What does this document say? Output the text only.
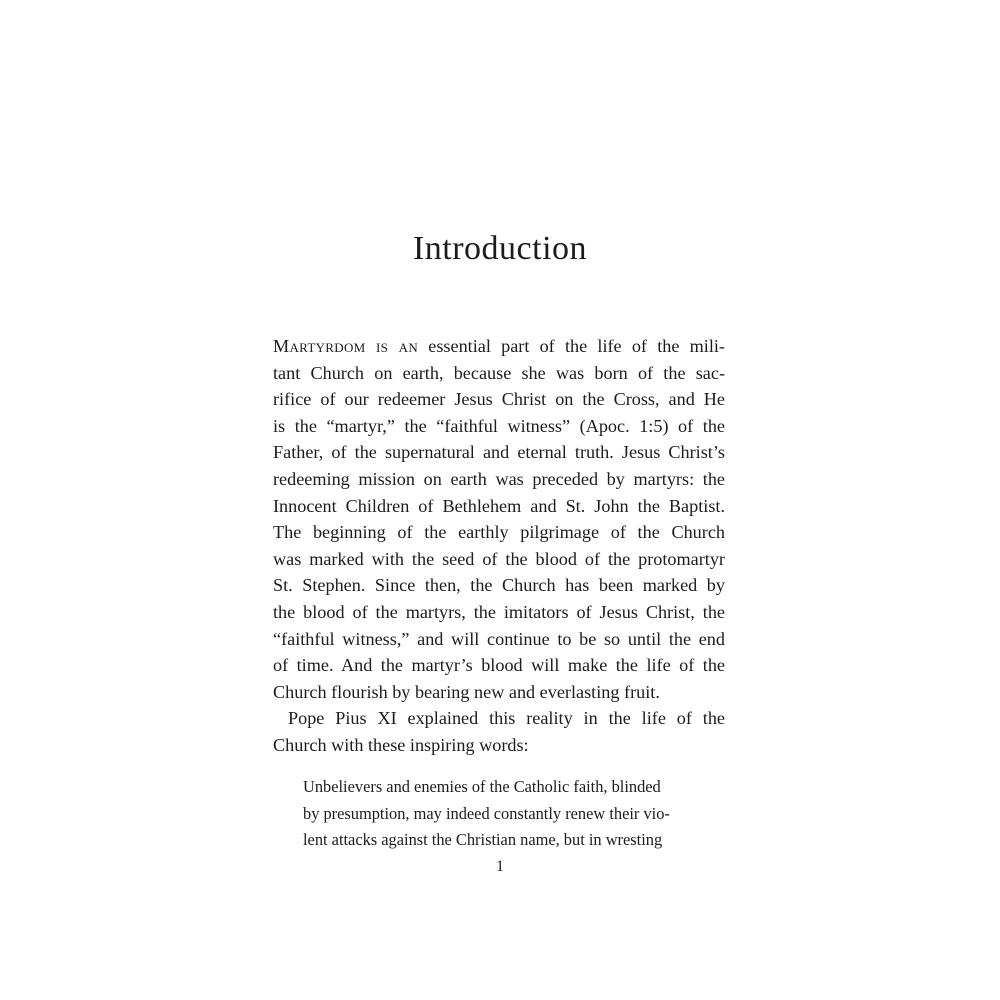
Introduction
Martyrdom is an essential part of the life of the mili-
tant Church on earth, because she was born of the sac-
rifice of our redeemer Jesus Christ on the Cross, and He
is the “martyr,” the “faithful witness” (Apoc. 1:5) of the
Father, of the supernatural and eternal truth. Jesus Christ’s
redeeming mission on earth was preceded by martyrs: the
Innocent Children of Bethlehem and St. John the Baptist.
The beginning of the earthly pilgrimage of the Church
was marked with the seed of the blood of the protomartyr
St. Stephen. Since then, the Church has been marked by
the blood of the martyrs, the imitators of Jesus Christ, the
“faithful witness,” and will continue to be so until the end
of time. And the martyr’s blood will make the life of the
Church flourish by bearing new and everlasting fruit.
Pope Pius XI explained this reality in the life of the
Church with these inspiring words:
Unbelievers and enemies of the Catholic faith, blinded
by presumption, may indeed constantly renew their vio-
lent attacks against the Christian name, but in wresting
1
